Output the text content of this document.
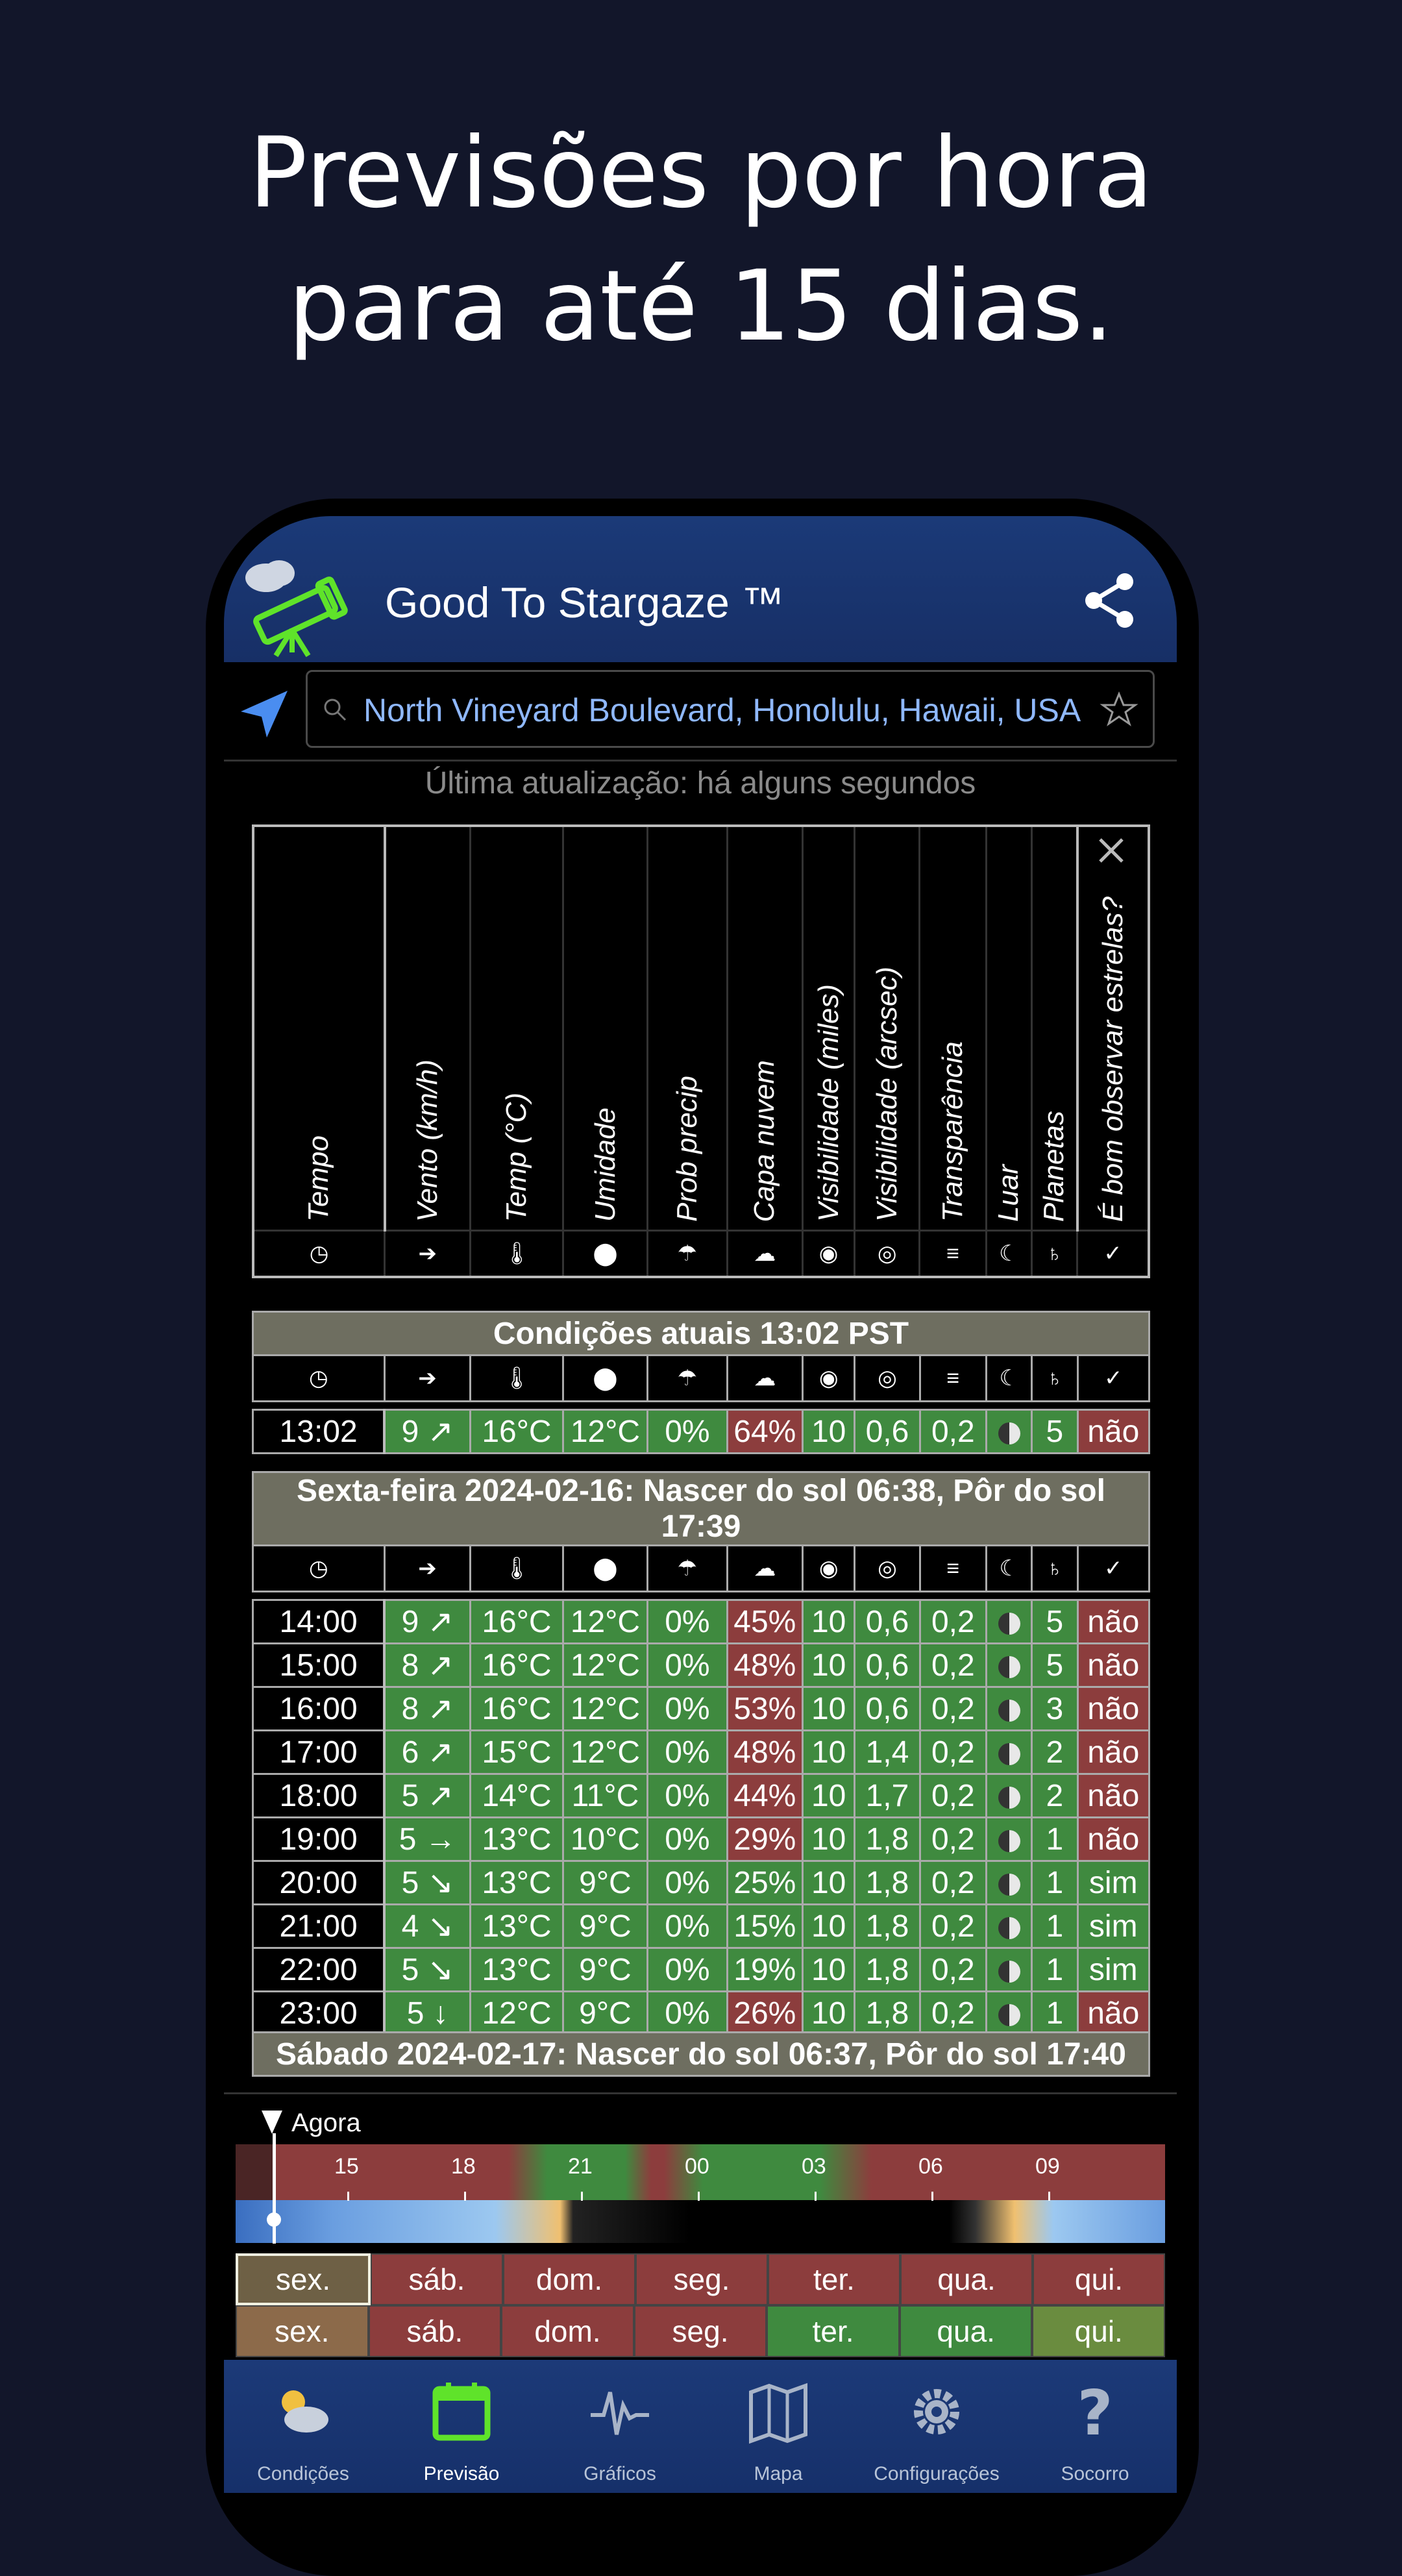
Previsões por hora
para até 15 dias.
Good To Stargaze ™
North Vineyard Boulevard, Honolulu, Hawaii, USA
Última atualização: há alguns segundos
Tempo	Vento (km/h)	Temp (°C)	Umidade	Prob precip	Capa nuvem	Visibilidade (miles)	Visibilidade (arcsec)	Transparência	Luar	Planetas	É bom observar estrelas?
◷	➔	🌡	⬤	☂	☁	◉	◎	≡	☾	♄	✓
Condições atuais 13:02 PST											
◷	➔	🌡	⬤	☂	☁	◉	◎	≡	☾	♄	✓

13:02	9 ↗	16°C	12°C	0%	64%	10	0,6	0,2		5	não
Sexta-feira 2024-02-16: Nascer do sol 06:38, Pôr do sol 17:39											
◷	➔	🌡	⬤	☂	☁	◉	◎	≡	☾	♄	✓

14:00	9 ↗	16°C	12°C	0%	45%	10	0,6	0,2		5	não
15:00	8 ↗	16°C	12°C	0%	48%	10	0,6	0,2		5	não
16:00	8 ↗	16°C	12°C	0%	53%	10	0,6	0,2		3	não
17:00	6 ↗	15°C	12°C	0%	48%	10	1,4	0,2		2	não
18:00	5 ↗	14°C	11°C	0%	44%	10	1,7	0,2		2	não
19:00	5 →	13°C	10°C	0%	29%	10	1,8	0,2		1	não
20:00	5 ↘	13°C	9°C	0%	25%	10	1,8	0,2		1	sim
21:00	4 ↘	13°C	9°C	0%	15%	10	1,8	0,2		1	sim
22:00	5 ↘	13°C	9°C	0%	19%	10	1,8	0,2		1	sim
23:00	5 ↓	12°C	9°C	0%	26%	10	1,8	0,2		1	não
Sábado 2024-02-17: Nascer do sol 06:37, Pôr do sol 17:40
Agora
15	18	21	00	03	06	09
sex.	sáb.	dom.	seg.	ter.	qua.	qui.
sex.	sáb.	dom.	seg.	ter.	qua.	qui.
Condições	Previsão	Gráficos	Mapa	Configurações
?
Socorro
